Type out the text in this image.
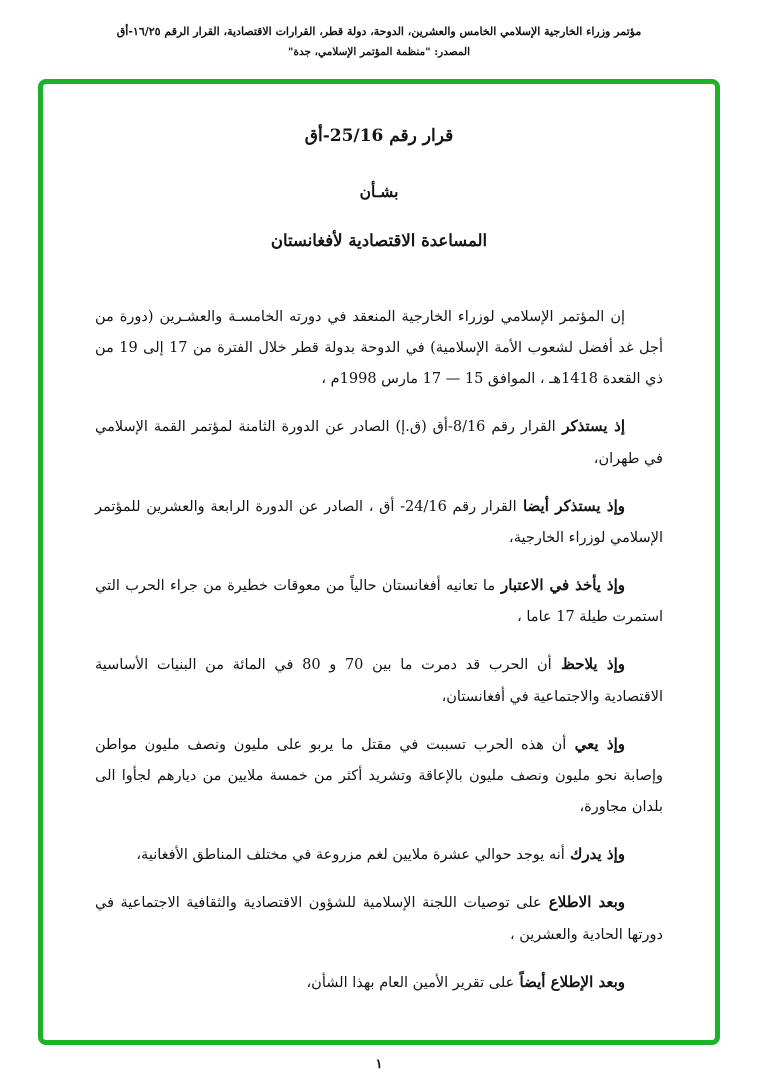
مؤتمر وزراء الخارجية الإسلامي الخامس والعشرين، الدوحة، دولة قطر، القرارات الاقتصادية، القرار الرقم ١٦/٢٥-أق
المصدر: "منظمة المؤتمر الإسلامي، جدة"
قرار رقم 25/16-أق
بشـأن
المساعدة الاقتصادية لأفغانستان

إن المؤتمر الإسلامي لوزراء الخارجية المنعقد في دورته الخامسـة والعشـرين (دورة من أجل غد أفضل لشعوب الأمة الإسلامية) في الدوحة بدولة قطر خلال الفترة من 17 إلى 19 من ذي القعدة 1418هـ ، الموافق 15 — 17 مارس 1998م ،

إذ يستذكرالقرار رقم 8/16-أق (ق.إ) الصادر عن الدورة الثامنة لمؤتمر القمة الإسلامي في طهران،

وإذ يستذكر أيضاالقرار رقم 24/16- أق ، الصادر عن الدورة الرابعة والعشرين للمؤتمر الإسلامي لوزراء الخارجية،

وإذ يأخذ في الاعتبارما تعانيه أفغانستان حالياً من معوقات خطيرة من جراء الحرب التي استمرت طيلة 17 عاما ،

وإذ يلاحظأن الحرب قد دمرت ما بين 70 و 80 في المائة من البنيات الأساسية الاقتصادية والاجتماعية في أفغانستان،

وإذ يعيأن هذه الحرب تسببت في مقتل ما يربو على مليون ونصف مليون مواطن وإصابة نحو مليون ونصف مليون بالإعاقة وتشريد أكثر من خمسة ملايين من ديارهم لجأوا الى بلدان مجاورة،

وإذ يدركأنه يوجد حوالي عشرة ملايين لغم مزروعة في مختلف المناطق الأفغانية،

وبعد الاطلاععلى توصيات اللجنة الإسلامية للشؤون الاقتصادية والثقافية الاجتماعية في دورتها الحادية والعشرين ،

وبعد الإطلاع أيضاًعلى تقرير الأمين العام بهذا الشأن،

١
